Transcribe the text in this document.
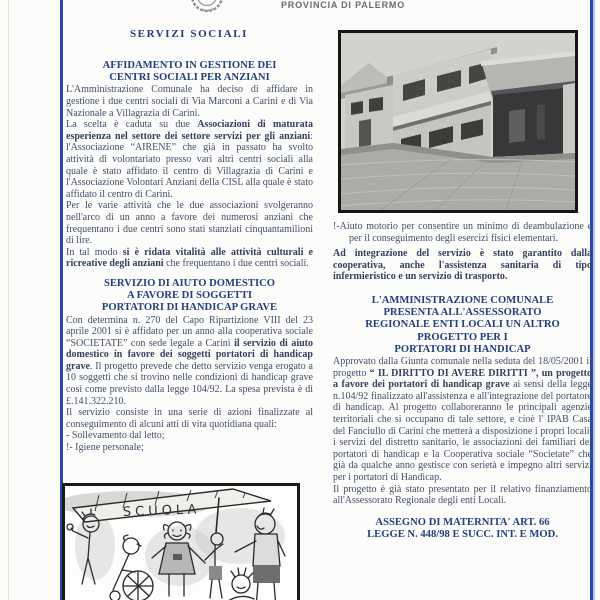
PROVINCIA DI PALERMO
SERVIZI SOCIALI
AFFIDAMENTO IN GESTIONE DEI
CENTRI SOCIALI PER ANZIANI

L'Amministrazione Comunale ha deciso di affidare in gestione i due centri sociali di Via Marconi a Carini e di Via Nazionale a Villagrazia di Carini.

La scelta è caduta su due Associazioni di maturata esperienza nel settore dei settore servizi per gli anziani: l'Associazione “AIRENE” che già in passato ha svolto attività di volontariato presso vari altri centri sociali alla quale è stato affidato il centro di Villagrazia di Carini e l'Associazione Volontari Anziani della CISL alla quale è stato affidato il centro di Carini.

Per le varie attività che le due associazioni svolgeranno nell'arco di un anno a favore dei numerosi anziani che frequentano i due centri sono stati stanziati cinquantamilioni di lire.

In tal modo si è ridata vitalità alle attività culturali e ricreative degli anziani che frequentano i due centri sociali.

SERVIZIO DI AIUTO DOMESTICO
A FAVORE DI SOGGETTI
PORTATORI DI HANDICAP GRAVE

Con determina n. 270 del Capo Ripartizione VIII del 23 aprile 2001 si è affidato per un anno alla cooperativa sociale “SOCIETATE” con sede legale a Carini il servizio di aiuto domestico in favore dei soggetti portatori di handicap grave. Il progetto prevede che detto servizio venga erogato a 10 soggetti che si trovino nelle condizioni di handicap grave così come previsto dalla legge 104/92. La spesa prevista è di £.141.322.210.

Il servizio consiste in una serie di azioni finalizzate al conseguimento di alcuni atti di vita quotidiana quali:

- Sollevamento dal letto;

!- Igiene personale;

SCUOLA

!-Aiuto motorio per consentire un minimo di deambulazione e per il conseguimento degli esercizi fisici elementari.

Ad integrazione del servizio è stato garantito dalla cooperativa, anche l'assistenza sanitaria di tipo infermieristico e un servizio di trasporto.

L'AMMINISTRAZIONE COMUNALE
PRESENTA ALL'ASSESSORATO
REGIONALE ENTI LOCALI UN ALTRO
PROGETTO PER I
PORTATORI DI HANDICAP

Approvato dalla Giunta comunale nella seduta del 18/05/2001 il progetto “ IL DIRITTO DI AVERE DIRITTI ”, un progetto a favore dei portatori di handicap grave ai sensi della legge n.104/92 finalizzato all'assistenza e all'integrazione del portatore di handicap. Al progetto collaboreranno le principali agenzie territoriali che si occupano di tale settore, e cioè l' IPAB Casa del Fanciullo di Carini che metterà a disposizione i propri locali, i servizi del distretto sanitario, le associazioni dei familiari dei portatori di handicap e la Cooperativa sociale “Societate” che già da qualche anno gestisce con serietà e impegno altri servizi per i portatori di Handicap.

Il progetto è già stato presentato per il relativo finanziamento all'Assessorato Regionale degli enti Locali.

ASSEGNO DI MATERNITA' ART. 66
LEGGE N. 448/98 E SUCC. INT. E MOD.
